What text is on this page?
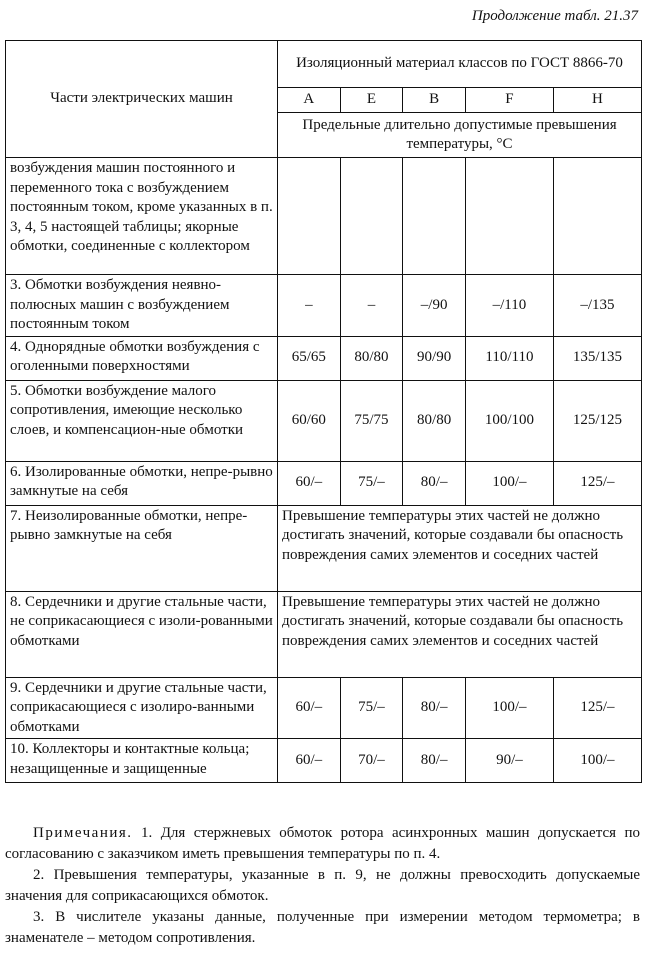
Продолжение табл. 21.37
Части электрических машин	Изоляционный материал классов по ГОСТ 8866-70				
	A	E	B	F	H
	Предельные длительно допустимые превышения температуры, °С				
возбуждения машин постоянного и переменного тока с возбуждением постоянным током, кроме указанных в п. 3, 4, 5 настоящей таблицы; якорные обмотки, соединенные с коллектором					
3. Обмотки возбуждения неявно-полюсных машин с возбуждением постоянным током	–	–	–/90	–/110	–/135
4. Однорядные обмотки возбуждения с оголенными поверхностями	65/65	80/80	90/90	110/110	135/135
5. Обмотки возбуждение малого сопротивления, имеющие несколько слоев, и компенсацион-ные обмотки	60/60	75/75	80/80	100/100	125/125
6. Изолированные обмотки, непре-рывно замкнутые на себя	60/–	75/–	80/–	100/–	125/–
7. Неизолированные обмотки, непре-рывно замкнутые на себя	Превышение температуры этих частей не должно достигать значений, которые создавали бы опасность повреждения самих элементов и соседних частей				
8. Сердечники и другие стальные части, не соприкасающиеся с изоли-рованными обмотками	Превышение температуры этих частей не должно достигать значений, которые создавали бы опасность повреждения самих элементов и соседних частей				
9. Сердечники и другие стальные части, соприкасающиеся с изолиро-ванными обмотками	60/–	75/–	80/–	100/–	125/–
10. Коллекторы и контактные кольца; незащищенные и защищенные	60/–	70/–	80/–	90/–	100/–

Примечания. 1. Для стержневых обмоток ротора асинхронных машин допускается по согласованию с заказчиком иметь превышения температуры по п. 4.

2. Превышения температуры, указанные в п. 9, не должны превосходить допускаемые значения для соприкасающихся обмоток.

3. В числителе указаны данные, полученные при измерении методом термометра; в знаменателе – методом сопротивления.
